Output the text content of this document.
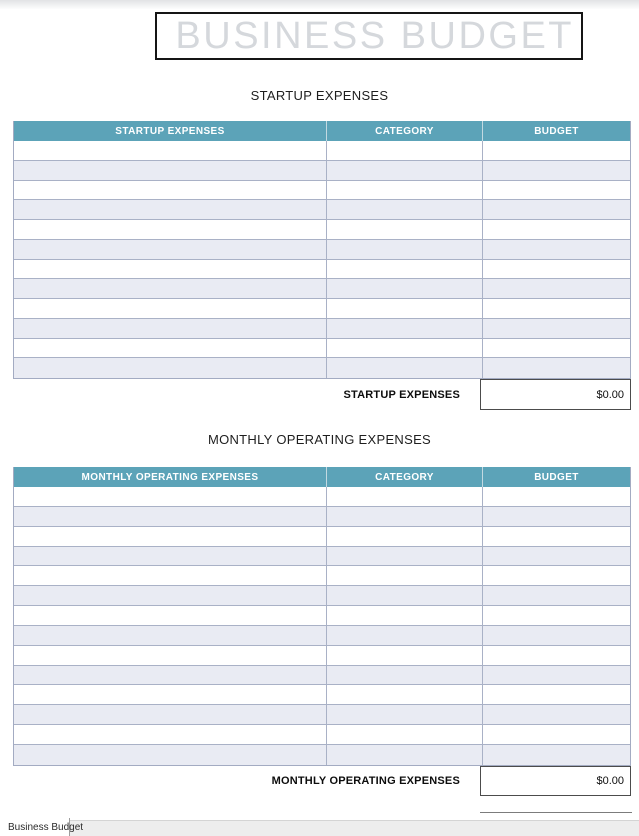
BUSINESS BUDGET
STARTUP EXPENSES
STARTUP EXPENSES	CATEGORY	BUDGET
STARTUP EXPENSES	$0.00
MONTHLY OPERATING EXPENSES
MONTHLY OPERATING EXPENSES	CATEGORY	BUDGET
MONTHLY OPERATING EXPENSES	$0.00
Business Budget
